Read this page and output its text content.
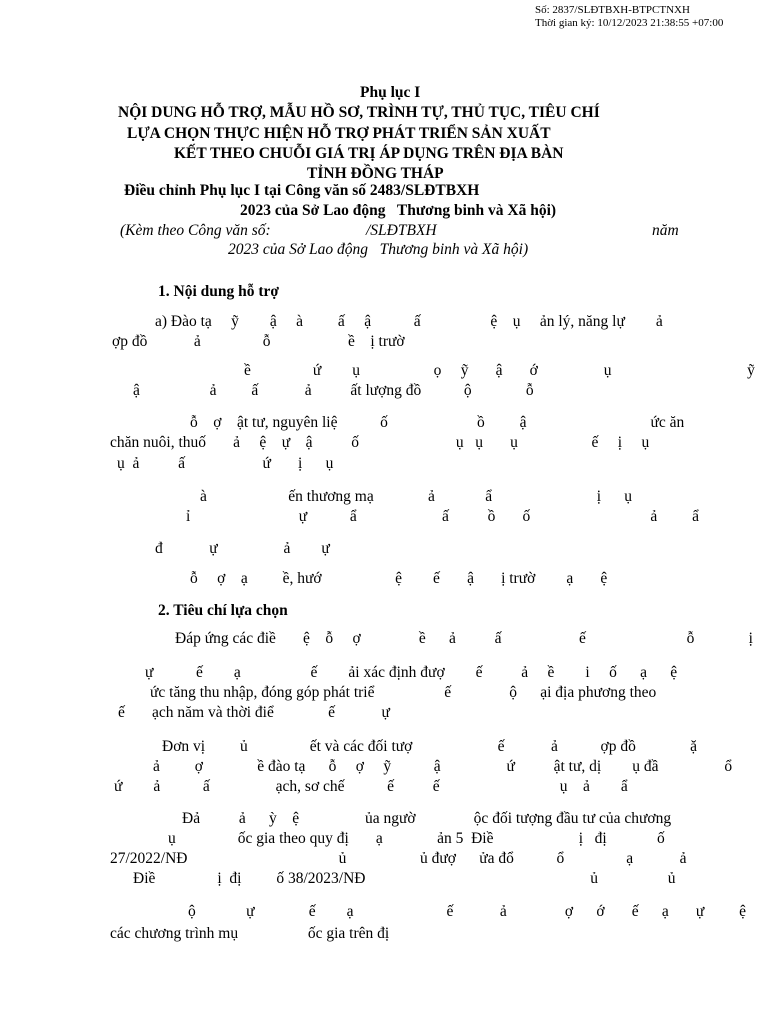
Số: 2837/SLĐTBXH-BTPCTNXH
Thời gian ký: 10/12/2023 21:38:55 +07:00
Phụ lục I
NỘI DUNG HỖ TRỢ, MẪU HỒ SƠ, TRÌNH TỰ, THỦ TỤC, TIÊU CHÍ
LỰA CHỌN THỰC HIỆN HỖ TRỢ PHÁT TRIỂN SẢN XUẤT
KẾT THEO CHUỖI GIÁ TRỊ ÁP DỤNG TRÊN ĐỊA BÀN
TỈNH ĐỒNG THÁP
Điều chỉnh Phụ lục I tại Công văn số 2483/SLĐTBXH
2023 của Sở Lao động   Thương binh và Xã hội)
(Kèm theo Công văn số:	/SLĐTBXH	năm
2023 của Sở Lao động   Thương binh và Xã hội)
1. Nội dung hỗ trợ
a) Đào tạ     ỹ        ậ     à         ấ     ậ           ấ                  ệ    ụ     ản lý, năng lự        ả
ợp đồ            ả                ỗ                    ề    ị trườ
ề                ứ        ụ                   ọ     ỹ       ậ       ớ                 ụ                                   ỹ
ậ                  ả         ấ            ả          ất lượng đồ           ộ              ỗ
ỗ    ợ    ật tư, nguyên liệ           ố                       ồ         ậ                                ức ăn
chăn nuôi, thuố       ả     ệ    ự    ậ          ố                         ụ   ụ       ụ                   ế     ị     ụ
ụ  ả          ấ                    ứ       ị      ụ
à                     ến thương mạ              ả             ẩ                           ị      ụ
ỉ                            ự           ẩ                      ấ          ồ       ố                               ả         ẩ
đ            ự                 ả        ự
ỗ     ợ    ạ         ề, hướ                   ệ        ế       ậ       ị trườ        ạ       ệ
2. Tiêu chí lựa chọn
Đáp ứng các điề       ệ    ỗ     ợ               ề      ả          ấ                    ế                          ỗ              ị
ự           ế        ạ                  ế        ải xác định đượ        ế          ả     ề        i     ố      ạ      ệ
ức tăng thu nhập, đóng góp phát triể                  ế               ộ      ại địa phương theo
ế       ạch năm và thời điể              ế            ự
Đơn vị         ủ                ết và các đối tượ                      ế            ả           ợp đồ              ặ
ả         ợ              ề đào tạ      ỗ     ợ     ỹ           ậ                 ứ          ật tư, dị        ụ đầ                 ổ
ứ        ả           ấ                 ạch, sơ chế           ế          ế                               ụ    ả        ẩ
Đả          ả      ỳ    ệ                 ủa ngườ               ộc đối tượng đầu tư của chương
ụ                ốc gia theo quy đị       ạ              ản 5  Điề                      ị   đị             ố
27/2022/NĐ                                       ủ                   ủ đượ      ửa đổ           ổ                ạ            ả
Điề                ị  đị         ố 38/2023/NĐ                                                          ủ                  ủ
ộ             ự              ế        ạ                        ế            ả               ợ      ớ       ế      ạ       ự         ệ
các chương trình mụ                  ốc gia trên đị
